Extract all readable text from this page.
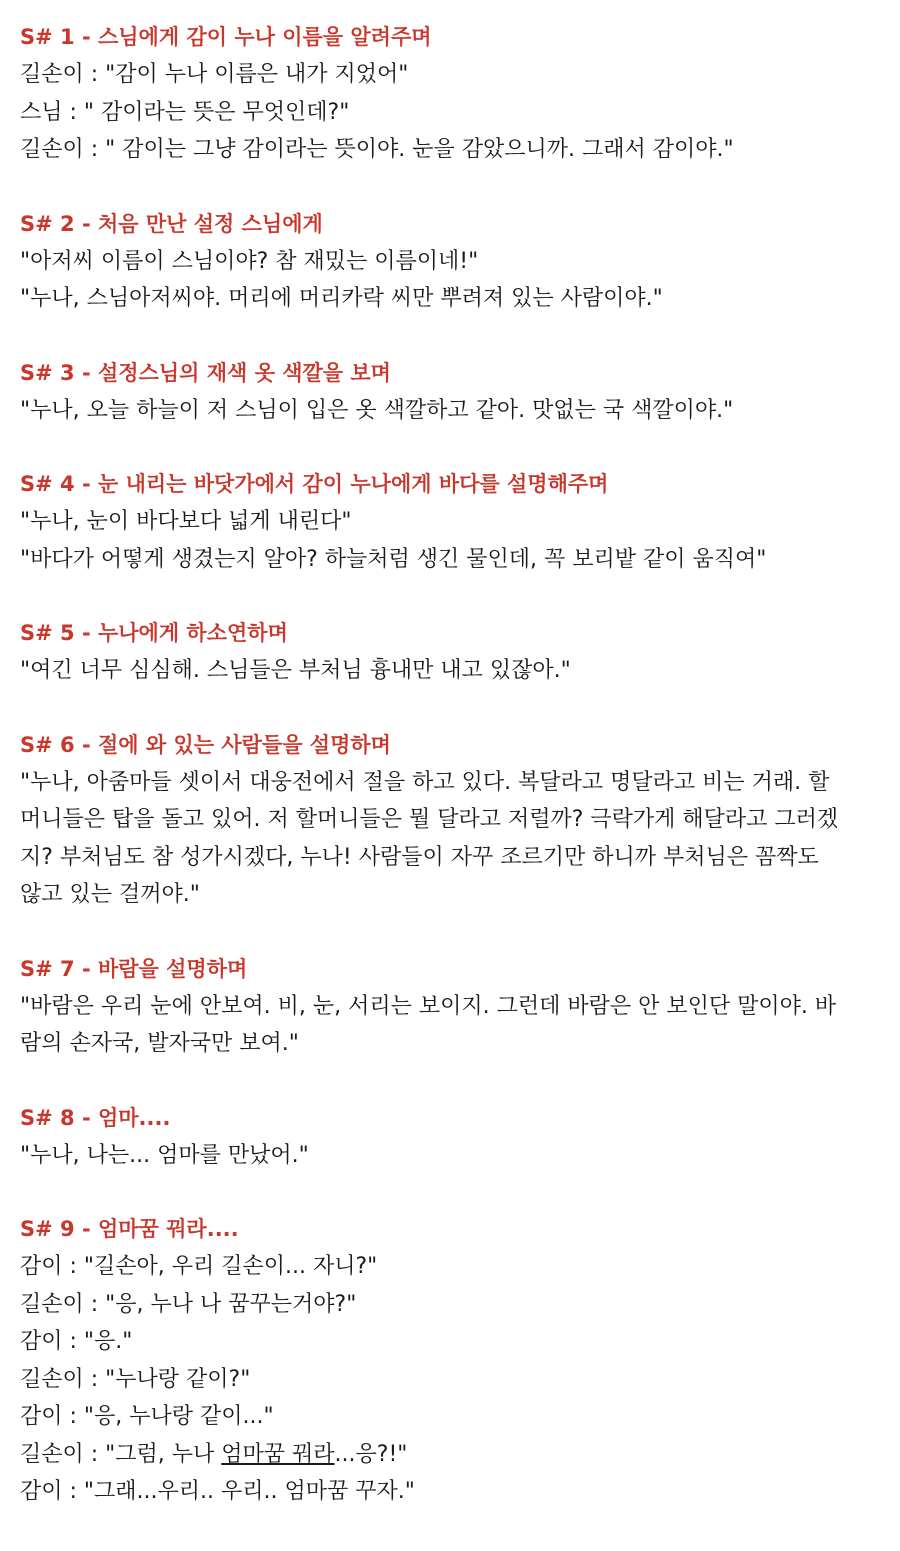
S# 1 - 스님에게 감이 누나 이름을 알려주며
길손이 : "감이 누나 이름은 내가 지었어"
스님 : " 감이라는 뜻은 무엇인데?"
길손이 : " 감이는 그냥 감이라는 뜻이야. 눈을 감았으니까. 그래서 감이야."
S# 2 - 처음 만난 설정 스님에게
"아저씨 이름이 스님이야? 참 재밌는 이름이네!"
"누나, 스님아저씨야. 머리에 머리카락 씨만 뿌려져 있는 사람이야."
S# 3 - 설정스님의 재색 옷 색깔을 보며
"누나, 오늘 하늘이 저 스님이 입은 옷 색깔하고 같아. 맛없는 국 색깔이야."
S# 4 - 눈 내리는 바닷가에서 감이 누나에게 바다를 설명해주며
"누나, 눈이 바다보다 넓게 내린다"
"바다가 어떻게 생겼는지 알아? 하늘처럼 생긴 물인데, 꼭 보리밭 같이 움직여"
S# 5 - 누나에게 하소연하며
"여긴 너무 심심해. 스님들은 부처님 흉내만 내고 있잖아."
S# 6 - 절에 와 있는 사람들을 설명하며
"누나, 아줌마들 셋이서 대웅전에서 절을 하고 있다. 복달라고 명달라고 비는 거래. 할
머니들은 탑을 돌고 있어. 저 할머니들은 뭘 달라고 저럴까? 극락가게 해달라고 그러겠
지? 부처님도 참 성가시겠다, 누나! 사람들이 자꾸 조르기만 하니까 부처님은 꼼짝도
않고 있는 걸꺼야."
S# 7 - 바람을 설명하며
"바람은 우리 눈에 안보여. 비, 눈, 서리는 보이지. 그런데 바람은 안 보인단 말이야. 바
람의 손자국, 발자국만 보여."
S# 8 - 엄마....
"누나, 나는... 엄마를 만났어."
S# 9 - 엄마꿈 꿔라....
감이 : "길손아, 우리 길손이... 자니?"
길손이 : "응, 누나 나 꿈꾸는거야?"
감이 : "응."
길손이 : "누나랑 같이?"
감이 : "응, 누나랑 같이..."
길손이 : "그럼, 누나 엄마꿈 꿔라...응?!"
감이 : "그래...우리.. 우리.. 엄마꿈 꾸자."
